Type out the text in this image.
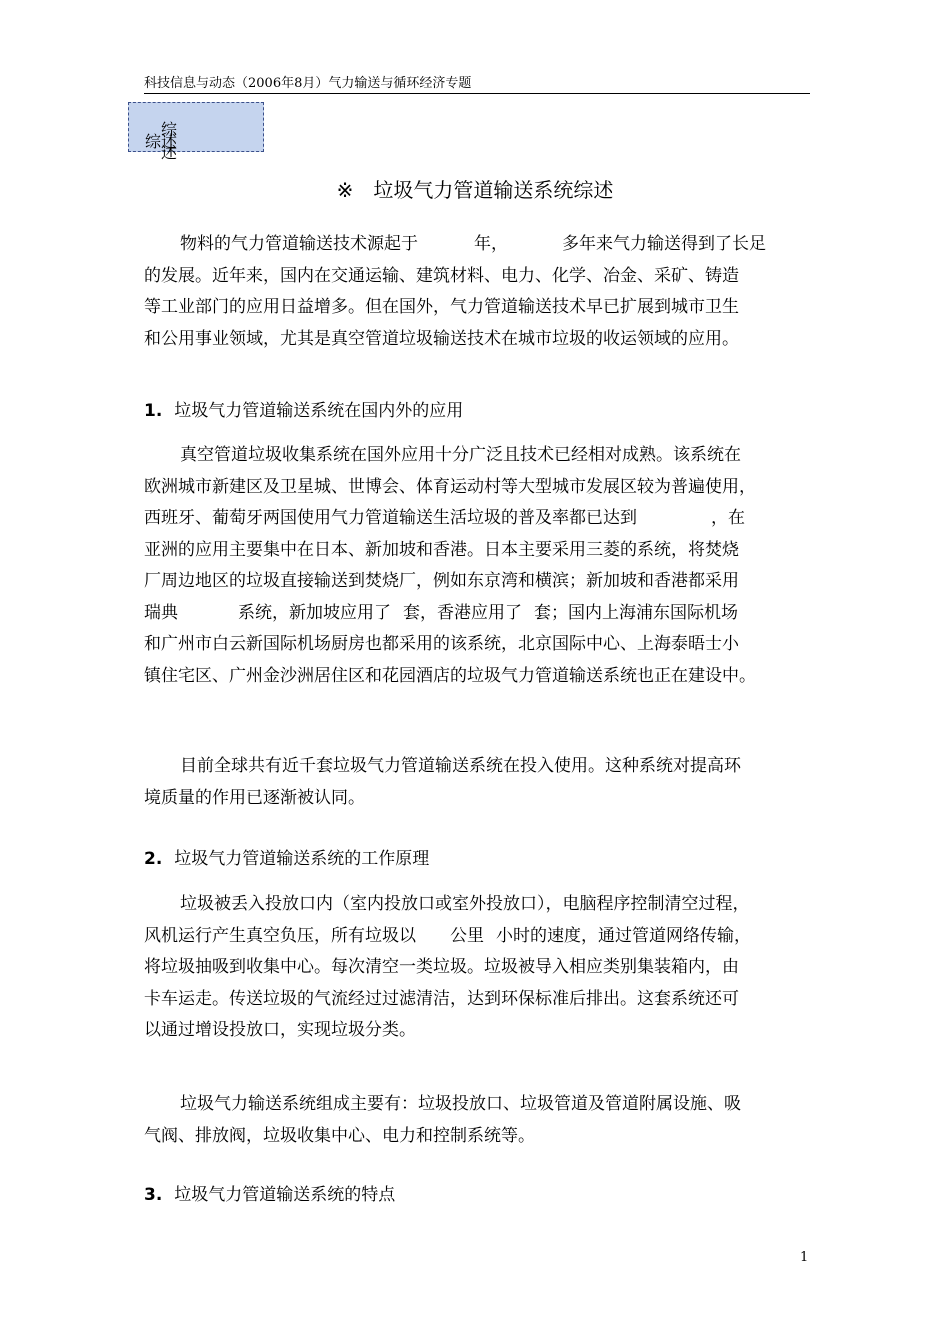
科技信息与动态（2006年8月）气力输送与循环经济专题
综述
综述
※ 垃圾气力管道输送系统综述
物料的气力管道输送技术源起于	年，	多年来气力输送得到了长足
的发展。近年来，国内在交通运输、建筑材料、电力、化学、冶金、采矿、铸造
等工业部门的应用日益增多。但在国外，气力管道输送技术早已扩展到城市卫生
和公用事业领域，尤其是真空管道垃圾输送技术在城市垃圾的收运领域的应用。
1. 垃圾气力管道输送系统在国内外的应用
真空管道垃圾收集系统在国外应用十分广泛且技术已经相对成熟。该系统在
欧洲城市新建区及卫星城、世博会、体育运动村等大型城市发展区较为普遍使用，
西班牙、葡萄牙两国使用气力管道输送生活垃圾的普及率都已达到	，在
亚洲的应用主要集中在日本、新加坡和香港。日本主要采用三菱的系统，将焚烧
厂周边地区的垃圾直接输送到焚烧厂，例如东京湾和横滨；新加坡和香港都采用
瑞典	系统，新加坡应用了 套，香港应用了 套；国内上海浦东国际机场
和广州市白云新国际机场厨房也都采用的该系统，北京国际中心、上海泰晤士小
镇住宅区、广州金沙洲居住区和花园酒店的垃圾气力管道输送系统也正在建设中。
目前全球共有近千套垃圾气力管道输送系统在投入使用。这种系统对提高环
境质量的作用已逐渐被认同。
2. 垃圾气力管道输送系统的工作原理
垃圾被丢入投放口内（室内投放口或室外投放口），电脑程序控制清空过程，
风机运行产生真空负压，所有垃圾以 公里 小时的速度，通过管道网络传输，
将垃圾抽吸到收集中心。每次清空一类垃圾。垃圾被导入相应类别集装箱内，由
卡车运走。传送垃圾的气流经过过滤清洁，达到环保标准后排出。这套系统还可
以通过增设投放口，实现垃圾分类。
垃圾气力输送系统组成主要有：垃圾投放口、垃圾管道及管道附属设施、吸
气阀、排放阀，垃圾收集中心、电力和控制系统等。
3. 垃圾气力管道输送系统的特点
1
